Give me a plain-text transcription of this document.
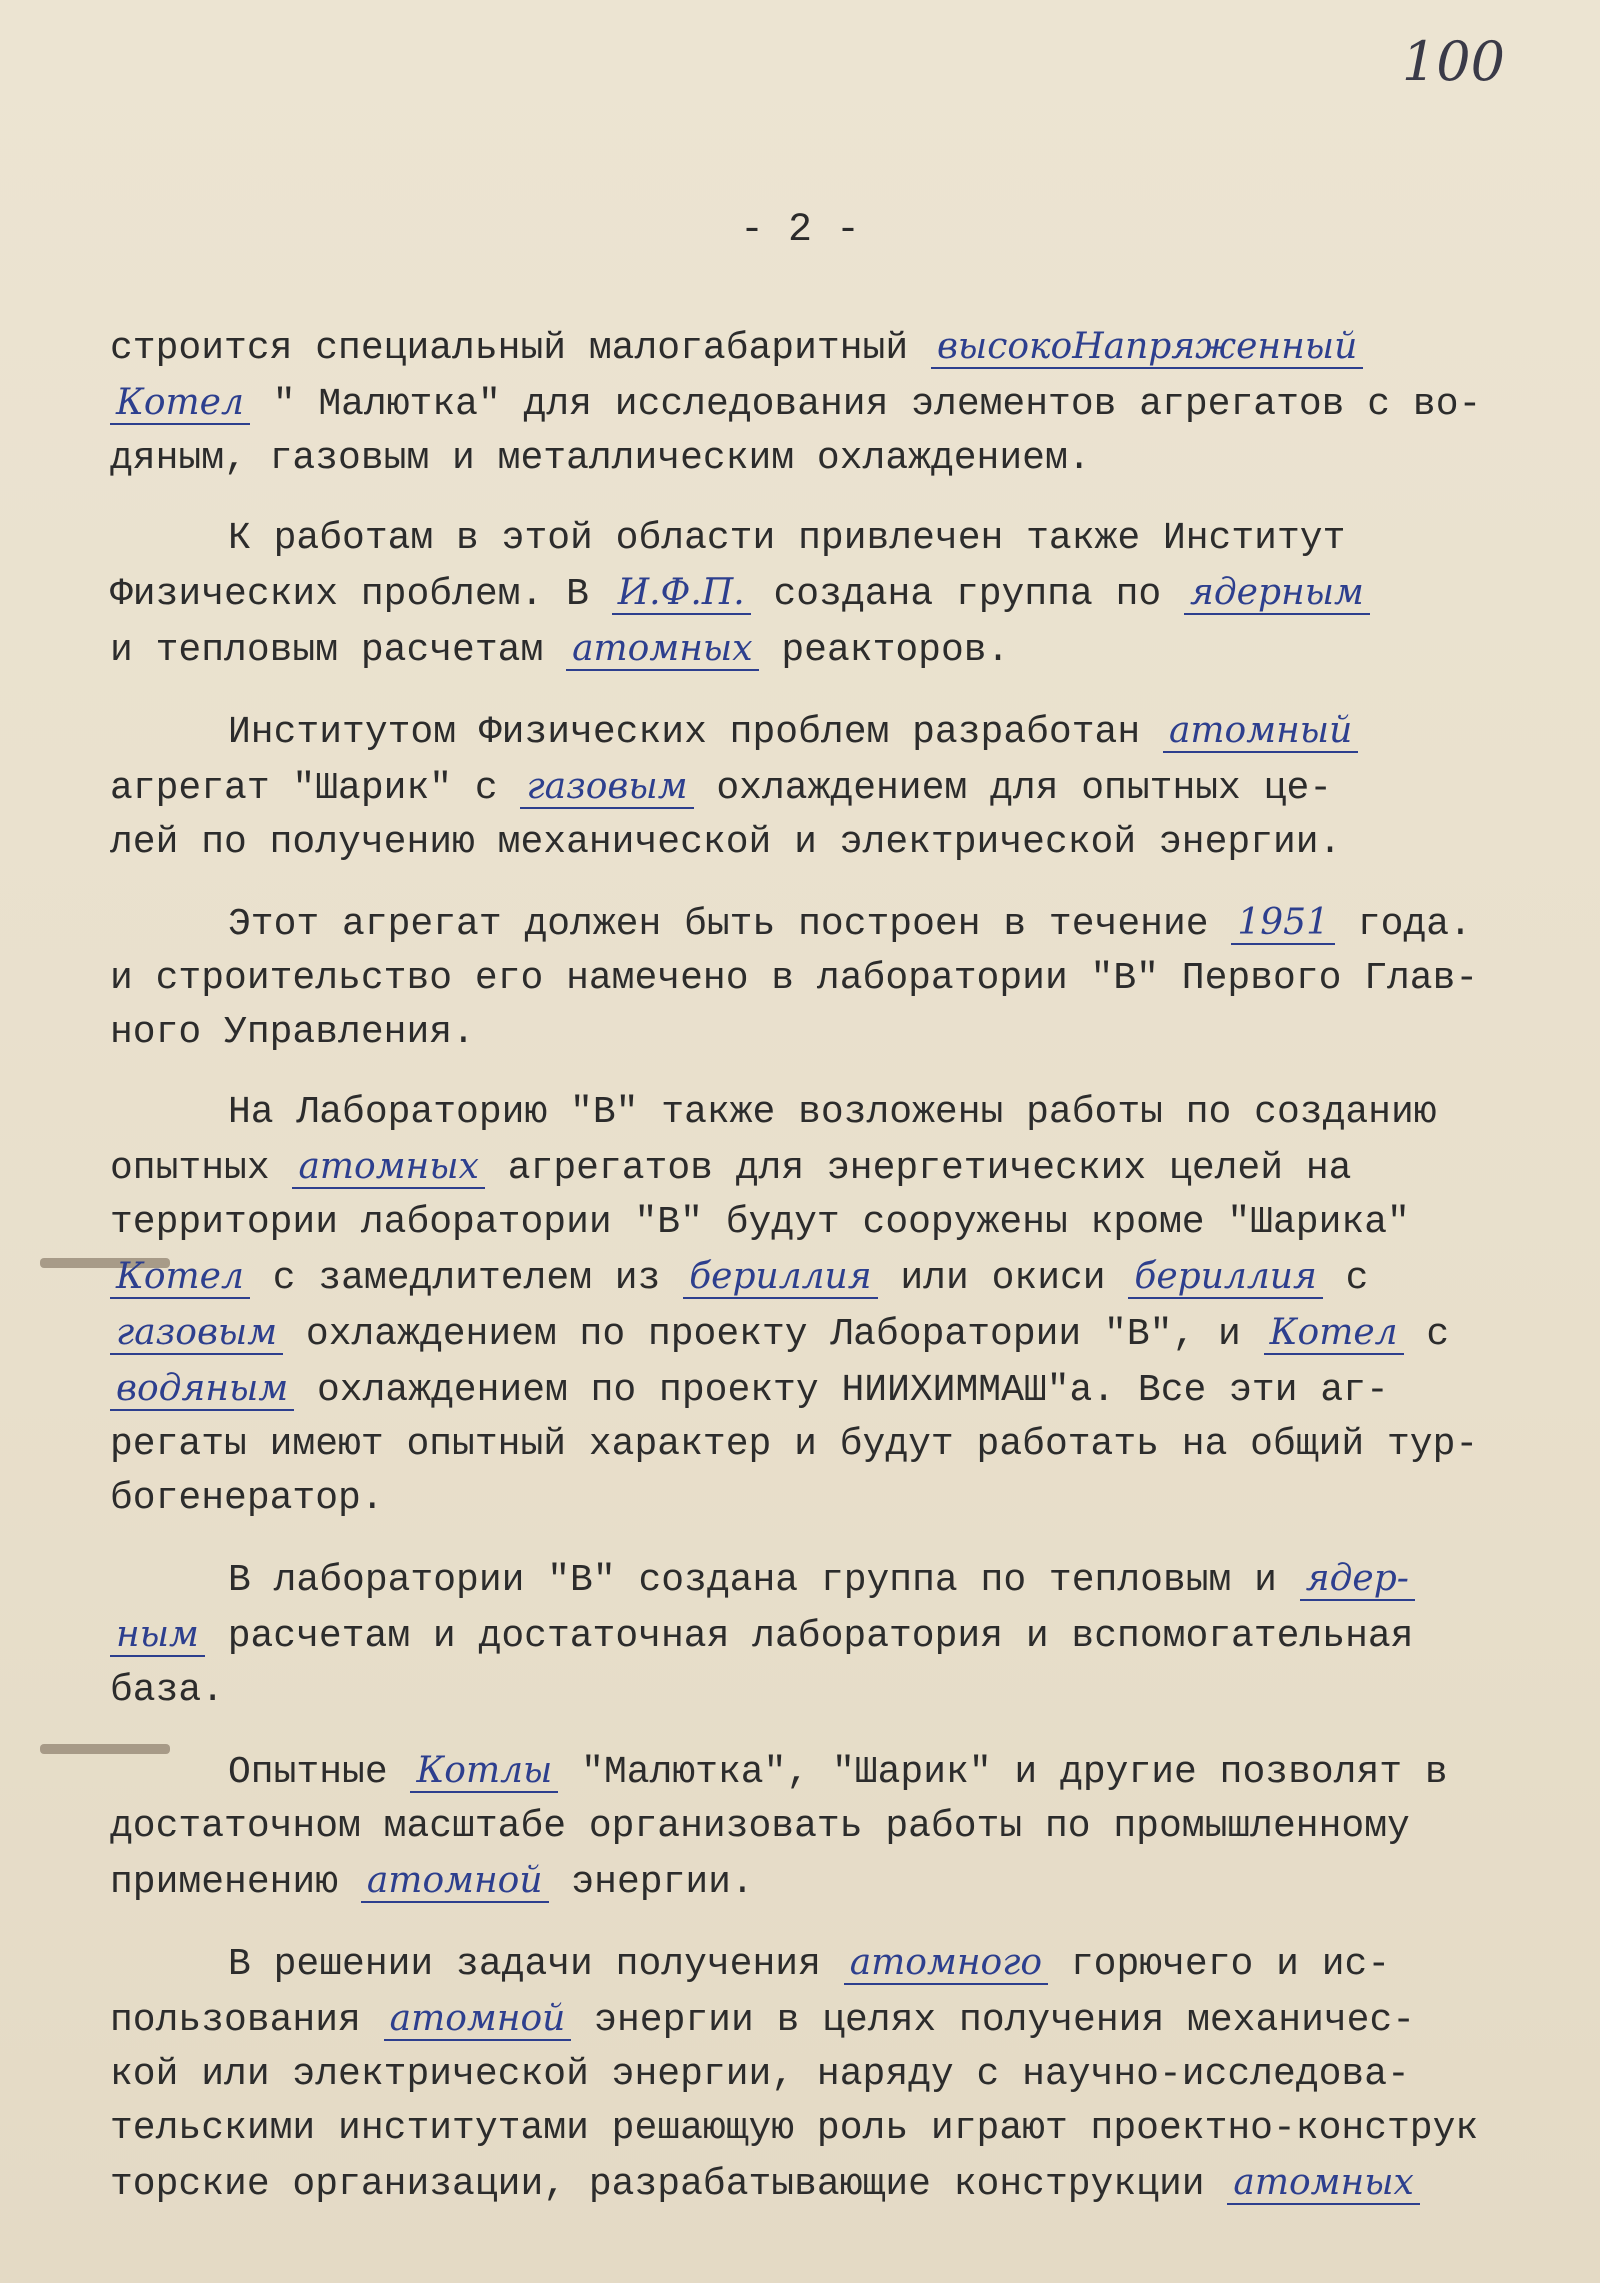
100
- 2 -
строится специальный малогабаритный высокоНапряженный
Котел " Малютка" для исследования элементов агрегатов с во-
дяным, газовым и металлическим охлаждением.
К работам в этой области привлечен также Институт
Физических проблем. В И.Ф.П. создана группа по ядерным
и тепловым расчетам атомных реакторов.
Институтом Физических проблем разработан атомный
агрегат "Шарик" с газовым охлаждением для опытных це-
лей по получению механической и электрической энергии.
Этот агрегат должен быть построен в течение 1951 года.
и строительство его намечено в лаборатории "В" Первого Глав-
ного Управления.
На Лабораторию "В" также возложены работы по созданию
опытных атомных агрегатов для энергетических целей на
территории лаборатории "В" будут сооружены кроме "Шарика"
Котел с замедлителем из бериллия или окиси бериллия с
газовым охлаждением по проекту Лаборатории "В", и Котел с
водяным охлаждением по проекту НИИХИММАШ"а. Все эти аг-
регаты имеют опытный характер и будут работать на общий тур-
богенератор.
В лаборатории "В" создана группа по тепловым и ядер-
ным расчетам и достаточная лаборатория и вспомогательная
база.
Опытные Котлы "Малютка", "Шарик" и другие позволят в
достаточном масштабе организовать работы по промышленному
применению атомной энергии.
В решении задачи получения атомного горючего и ис-
пользования атомной энергии в целях получения механичес-
кой или электрической энергии, наряду с научно-исследова-
тельскими институтами решающую роль играют проектно-конструк
торские организации, разрабатывающие конструкции атомных
